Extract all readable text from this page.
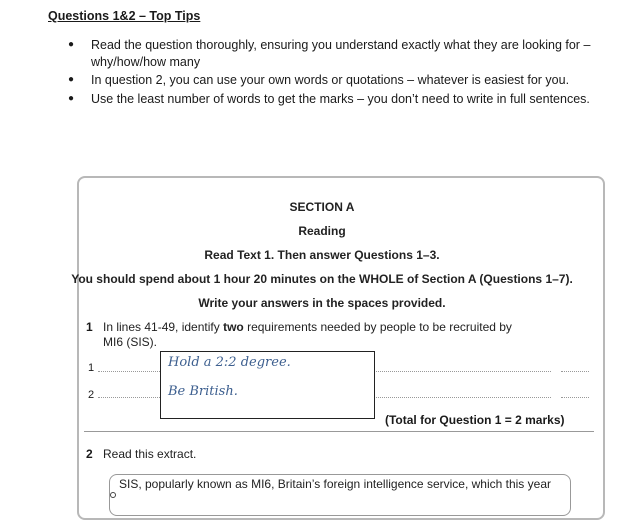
Questions 1&2 – Top Tips
● Read the question thoroughly, ensuring you understand exactly what they are looking for – why/how/how many
● In question 2, you can use your own words or quotations – whatever is easiest for you.
● Use the least number of words to get the marks – you don’t need to write in full sentences.
SECTION A
Reading
Read Text 1. Then answer Questions 1–3.
You should spend about 1 hour 20 minutes on the WHOLE of Section A (Questions 1–7).
Write your answers in the spaces provided.
1 In lines 41-49, identify two requirements needed by people to be recruited by MI6 (SIS).
1
2
Hold a 2:2 degree.
Be British.
(Total for Question 1 = 2 marks)
2 Read this extract.
SIS, popularly known as MI6, Britain’s foreign intelligence service, which this year
